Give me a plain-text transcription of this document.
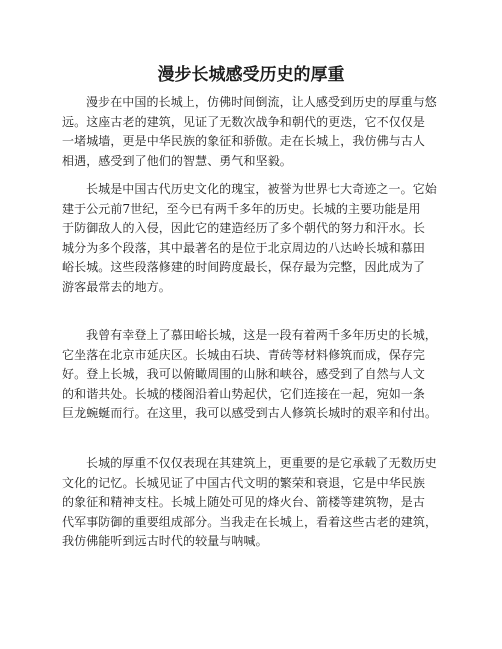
漫步长城感受历史的厚重
漫步在中国的长城上，仿佛时间倒流，让人感受到历史的厚重与悠
远。这座古老的建筑，见证了无数次战争和朝代的更迭，它不仅仅是
一堵城墙，更是中华民族的象征和骄傲。走在长城上，我仿佛与古人
相遇，感受到了他们的智慧、勇气和坚毅。
长城是中国古代历史文化的瑰宝，被誉为世界七大奇迹之一。它始
建于公元前7世纪，至今已有两千多年的历史。长城的主要功能是用
于防御敌人的入侵，因此它的建造经历了多个朝代的努力和汗水。长
城分为多个段落，其中最著名的是位于北京周边的八达岭长城和慕田
峪长城。这些段落修建的时间跨度最长，保存最为完整，因此成为了
游客最常去的地方。
我曾有幸登上了慕田峪长城，这是一段有着两千多年历史的长城，
它坐落在北京市延庆区。长城由石块、青砖等材料修筑而成，保存完
好。登上长城，我可以俯瞰周围的山脉和峡谷，感受到了自然与人文
的和谐共处。长城的楼阁沿着山势起伏，它们连接在一起，宛如一条
巨龙蜿蜒而行。在这里，我可以感受到古人修筑长城时的艰辛和付出。
长城的厚重不仅仅表现在其建筑上，更重要的是它承载了无数历史
文化的记忆。长城见证了中国古代文明的繁荣和衰退，它是中华民族
的象征和精神支柱。长城上随处可见的烽火台、箭楼等建筑物，是古
代军事防御的重要组成部分。当我走在长城上，看着这些古老的建筑，
我仿佛能听到远古时代的较量与呐喊。
